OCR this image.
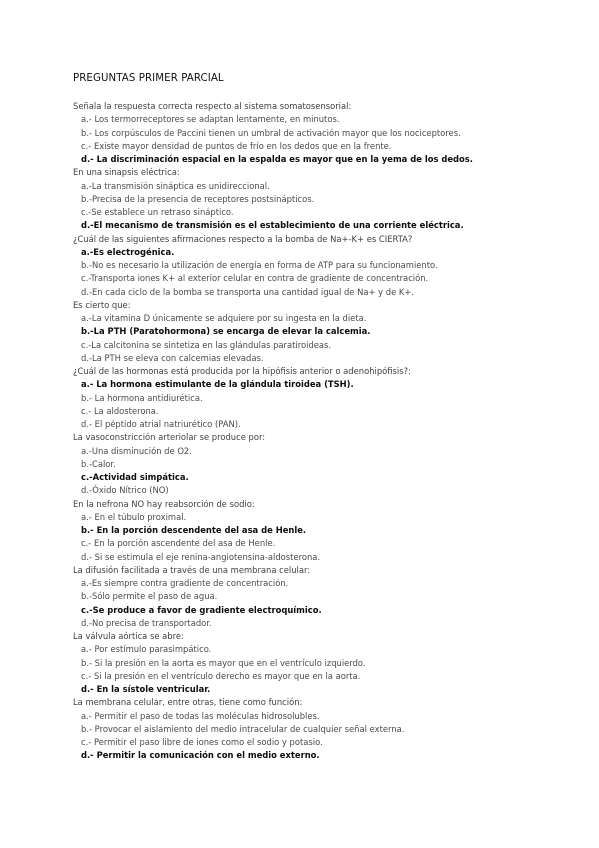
PREGUNTAS PRIMER PARCIAL
Señala la respuesta correcta respecto al sistema somatosensorial:
a.- Los termorreceptores se adaptan lentamente, en minutos.
b.- Los corpúsculos de Paccini tienen un umbral de activación mayor que los nociceptores.
c.- Existe mayor densidad de puntos de frío en los dedos que en la frente.
d.- La discriminación espacial en la espalda es mayor que en la yema de los dedos.
En una sinapsis eléctrica:
a.-La transmisión sináptica es unidireccional.
b.-Precisa de la presencia de receptores postsinápticos.
c.-Se establece un retraso sináptico.
d.-El mecanismo de transmisión es el establecimiento de una corriente eléctrica.
¿Cuál de las siguientes afirmaciones respecto a la bomba de Na+-K+ es CIERTA?
a.-Es electrogénica.
b.-No es necesario la utilización de energía en forma de ATP para su funcionamiento.
c.-Transporta iones K+ al exterior celular en contra de gradiente de concentración.
d.-En cada ciclo de la bomba se transporta una cantidad igual de Na+ y de K+.
Es cierto que:
a.-La vitamina D únicamente se adquiere por su ingesta en la dieta.
b.-La PTH (Paratohormona) se encarga de elevar la calcemia.
c.-La calcitonina se sintetiza en las glándulas paratiroideas.
d.-La PTH se eleva con calcemias elevadas.
¿Cuál de las hormonas está producida por la hipófisis anterior o adenohipófisis?:
a.- La hormona estimulante de la glándula tiroidea (TSH).
b.- La hormona antidiurética.
c.- La aldosterona.
d.- El péptido atrial natriurético (PAN).
La vasoconstricción arteriolar se produce por:
a.-Una disminución de O2.
b.-Calor.
c.-Actividad simpática.
d.-Óxido Nítrico (NO)
En la nefrona NO hay reabsorción de sodio:
a.- En el túbulo proximal.
b.- En la porción descendente del asa de Henle.
c.- En la porción ascendente del asa de Henle.
d.- Si se estimula el eje renina-angiotensina-aldosterona.
La difusión facilitada a través de una membrana celular:
a.-Es siempre contra gradiente de concentración.
b.-Sólo permite el paso de agua.
c.-Se produce a favor de gradiente electroquímico.
d.-No precisa de transportador.
La válvula aórtica se abre:
a.- Por estímulo parasimpático.
b.- Si la presión en la aorta es mayor que en el ventrículo izquierdo.
c.- Si la presión en el ventrículo derecho es mayor que en la aorta.
d.- En la sístole ventricular.
La membrana celular, entre otras, tiene como función:
a.- Permitir el paso de todas las moléculas hidrosolubles.
b.- Provocar el aislamiento del medio intracelular de cualquier señal externa.
c.- Permitir el paso libre de iones como el sodio y potasio.
d.- Permitir la comunicación con el medio externo.
